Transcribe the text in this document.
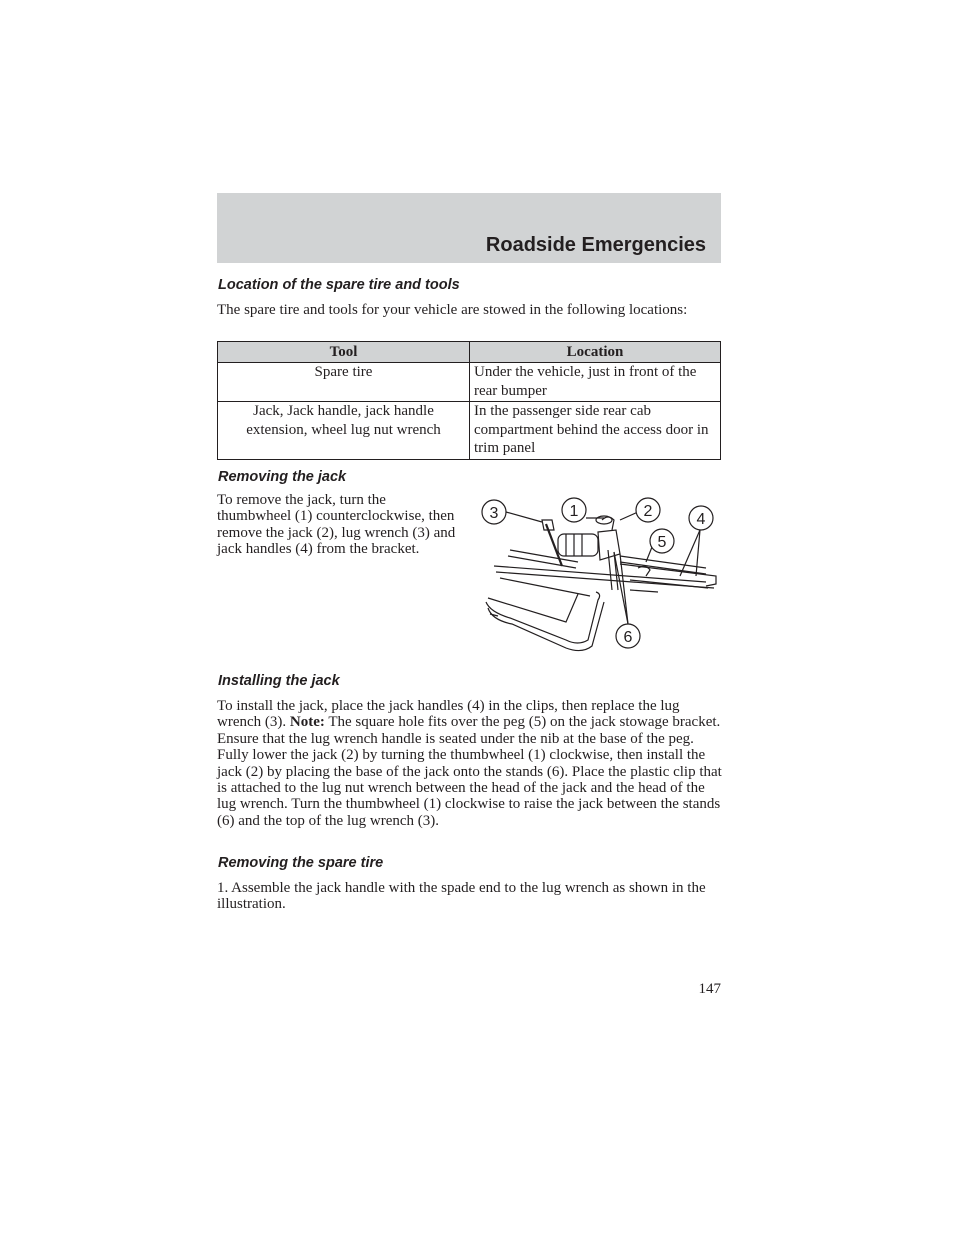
Roadside Emergencies
Location of the spare tire and tools
The spare tire and tools for your vehicle are stowed in the following locations:
Tool	Location
Spare tire	Under the vehicle, just in front of the rear bumper
Jack, Jack handle, jack handle extension, wheel lug nut wrench	In the passenger side rear cab compartment behind the access door in trim panel
Removing the jack
To remove the jack, turn the thumbwheel (1) counterclockwise, then remove the jack (2), lug wrench (3) and jack handles (4) from the bracket.
3	1	2	4
5
6
Installing the jack
To install the jack, place the jack handles (4) in the clips, then replace the lug wrench (3). Note: The square hole fits over the peg (5) on the jack stowage bracket. Ensure that the lug wrench handle is seated under the nib at the base of the peg. Fully lower the jack (2) by turning the thumbwheel (1) clockwise, then install the jack (2) by placing the base of the jack onto the stands (6). Place the plastic clip that is attached to the lug nut wrench between the head of the jack and the head of the lug wrench. Turn the thumbwheel (1) clockwise to raise the jack between the stands (6) and the top of the lug wrench (3).
Removing the spare tire
1. Assemble the jack handle with the spade end to the lug wrench as shown in the illustration.
147
